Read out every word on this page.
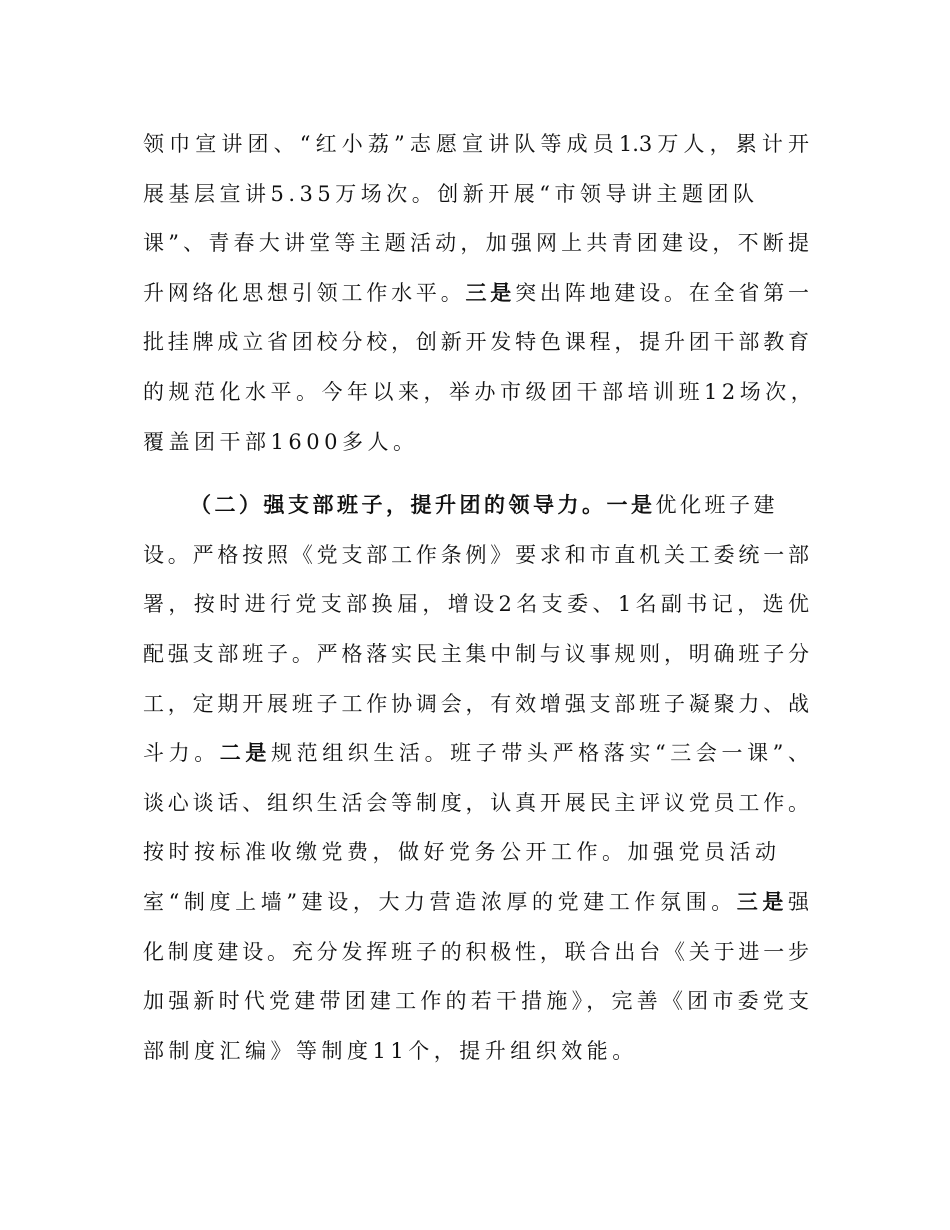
领巾宣讲团、“红小荔”志愿宣讲队等成员1.3万人，累计开
展基层宣讲5.35万场次。创新开展“市领导讲主题团队
课”、青春大讲堂等主题活动，加强网上共青团建设，不断提
升网络化思想引领工作水平。三是突出阵地建设。在全省第一
批挂牌成立省团校分校，创新开发特色课程，提升团干部教育
的规范化水平。今年以来，举办市级团干部培训班12场次，
覆盖团干部1600多人。
（二）强支部班子，提升团的领导力。一是优化班子建
设。严格按照《党支部工作条例》要求和市直机关工委统一部
署，按时进行党支部换届，增设2名支委、1名副书记，选优
配强支部班子。严格落实民主集中制与议事规则，明确班子分
工，定期开展班子工作协调会，有效增强支部班子凝聚力、战
斗力。二是规范组织生活。班子带头严格落实“三会一课”、
谈心谈话、组织生活会等制度，认真开展民主评议党员工作。
按时按标准收缴党费，做好党务公开工作。加强党员活动
室“制度上墙”建设，大力营造浓厚的党建工作氛围。三是强
化制度建设。充分发挥班子的积极性，联合出台《关于进一步
加强新时代党建带团建工作的若干措施》，完善《团市委党支
部制度汇编》等制度11个，提升组织效能。
